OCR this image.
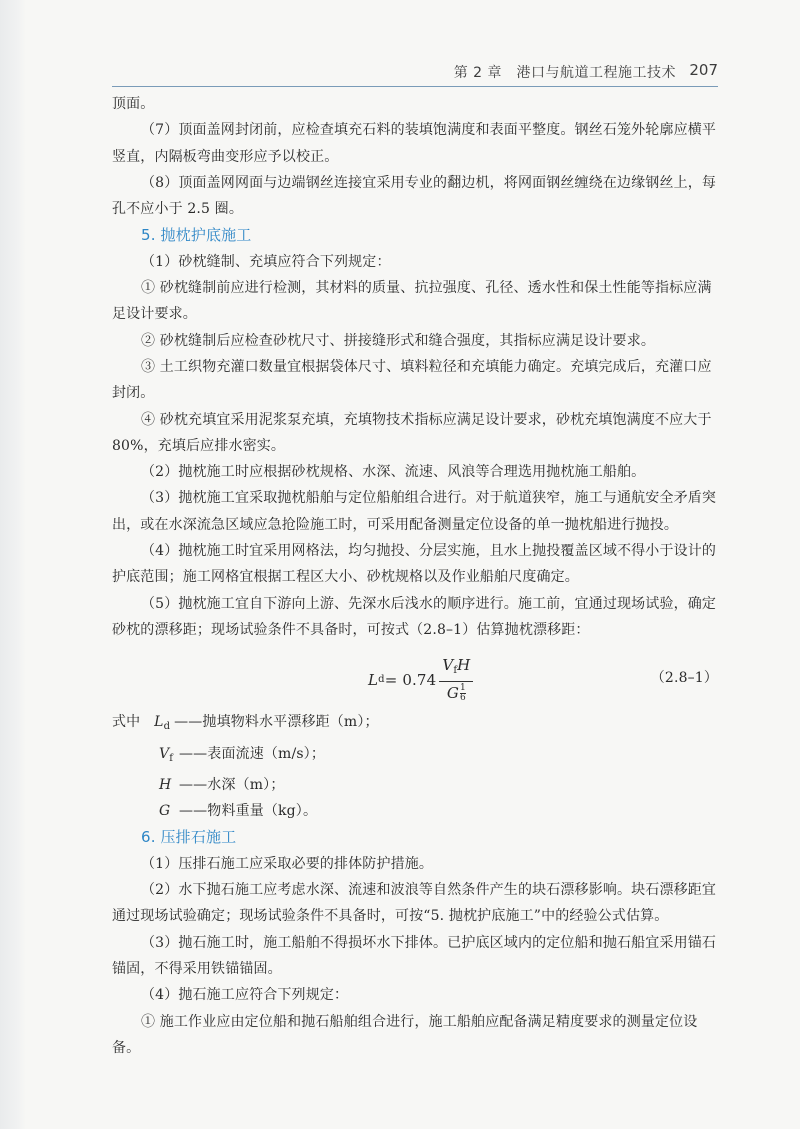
第 2 章　港口与航道工程施工技术 207

顶面。

（7）顶面盖网封闭前，应检查填充石料的装填饱满度和表面平整度。钢丝石笼外轮廓应横平竖直，内隔板弯曲变形应予以校正。

（8）顶面盖网网面与边端钢丝连接宜采用专业的翻边机，将网面钢丝缠绕在边缘钢丝上，每孔不应小于 2.5 圈。

5. 抛枕护底施工

（1）砂枕缝制、充填应符合下列规定：

① 砂枕缝制前应进行检测，其材料的质量、抗拉强度、孔径、透水性和保土性能等指标应满足设计要求。

② 砂枕缝制后应检查砂枕尺寸、拼接缝形式和缝合强度，其指标应满足设计要求。

③ 土工织物充灌口数量宜根据袋体尺寸、填料粒径和充填能力确定。充填完成后，充灌口应封闭。

④ 砂枕充填宜采用泥浆泵充填，充填物技术指标应满足设计要求，砂枕充填饱满度不应大于 80%，充填后应排水密实。

（2）抛枕施工时应根据砂枕规格、水深、流速、风浪等合理选用抛枕施工船舶。

（3）抛枕施工宜采取抛枕船舶与定位船舶组合进行。对于航道狭窄，施工与通航安全矛盾突出，或在水深流急区域应急抢险施工时，可采用配备测量定位设备的单一抛枕船进行抛投。

（4）抛枕施工时宜采用网格法，均匀抛投、分层实施，且水上抛投覆盖区域不得小于设计的护底范围；施工网格宜根据工程区大小、砂枕规格以及作业船舶尺度确定。

（5）抛枕施工宜自下游向上游、先深水后浅水的顺序进行。施工前，宜通过现场试验，确定砂枕的漂移距；现场试验条件不具备时，可按式（2.8–1）估算抛枕漂移距：

L $d = 0.74 \frac{V_fH}{G \frac{1}{6}}$	（2.8–1）

式中 $L_d$ ——抛填物料水平漂移距（m）；

$V_f$ ——表面流速（m/s）；

H ——水深（m）；

G ——物料重量（kg）。

6. 压排石施工

（1）压排石施工应采取必要的排体防护措施。

（2）水下抛石施工应考虑水深、流速和波浪等自然条件产生的块石漂移影响。块石漂移距宜通过现场试验确定；现场试验条件不具备时，可按“5. 抛枕护底施工”中的经验公式估算。

（3）抛石施工时，施工船舶不得损坏水下排体。已护底区域内的定位船和抛石船宜采用锚石锚固，不得采用铁锚锚固。

（4）抛石施工应符合下列规定：

① 施工作业应由定位船和抛石船舶组合进行，施工船舶应配备满足精度要求的测量定位设备。
